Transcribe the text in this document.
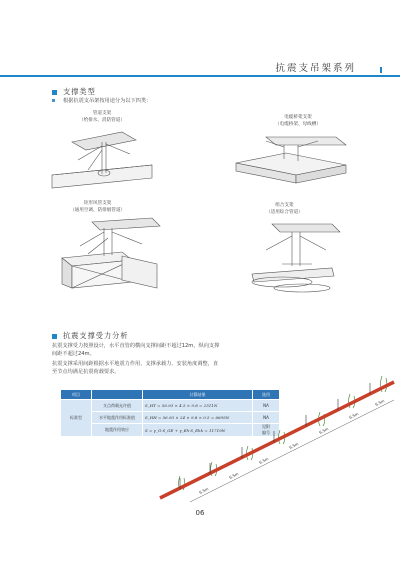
抗震支吊架系列
支撑类型
根据抗震支吊架按用途分为以下四类：
管道支架
（给排水、消防管道）
电缆桥架支架
（电缆桥架、母线槽）
矩形风管支架
（通用空调、防排烟管道）
组合支架
（适用综合管道）
抗震支撑受力分析
抗震支撑受力按照设计，水平直管的横向支撑间距不超过12m，纵向支撑间距不超过24m。
抗震支撑采用间距根据水平地震力作用、支撑承载力、安装角度调整，直至节点均满足抗震荷载要求。
项目		计算结果	选用
标准型	支点荷载允许值	S_HT = 56.93 × 4.5 × 9.8 = 2511N	NA
	水平地震作用标准值	S_HH = 56.93 × 24 × 9.8 × 0.5 = 6695N	NA
	地震作用效应	S = γ_G·S_GE + γ_Eh·S_Ehk = 11719N	见附
编号
6.5m
6.5m
6.5m
6.5m
6.5m
6.5m
6.5m
06
